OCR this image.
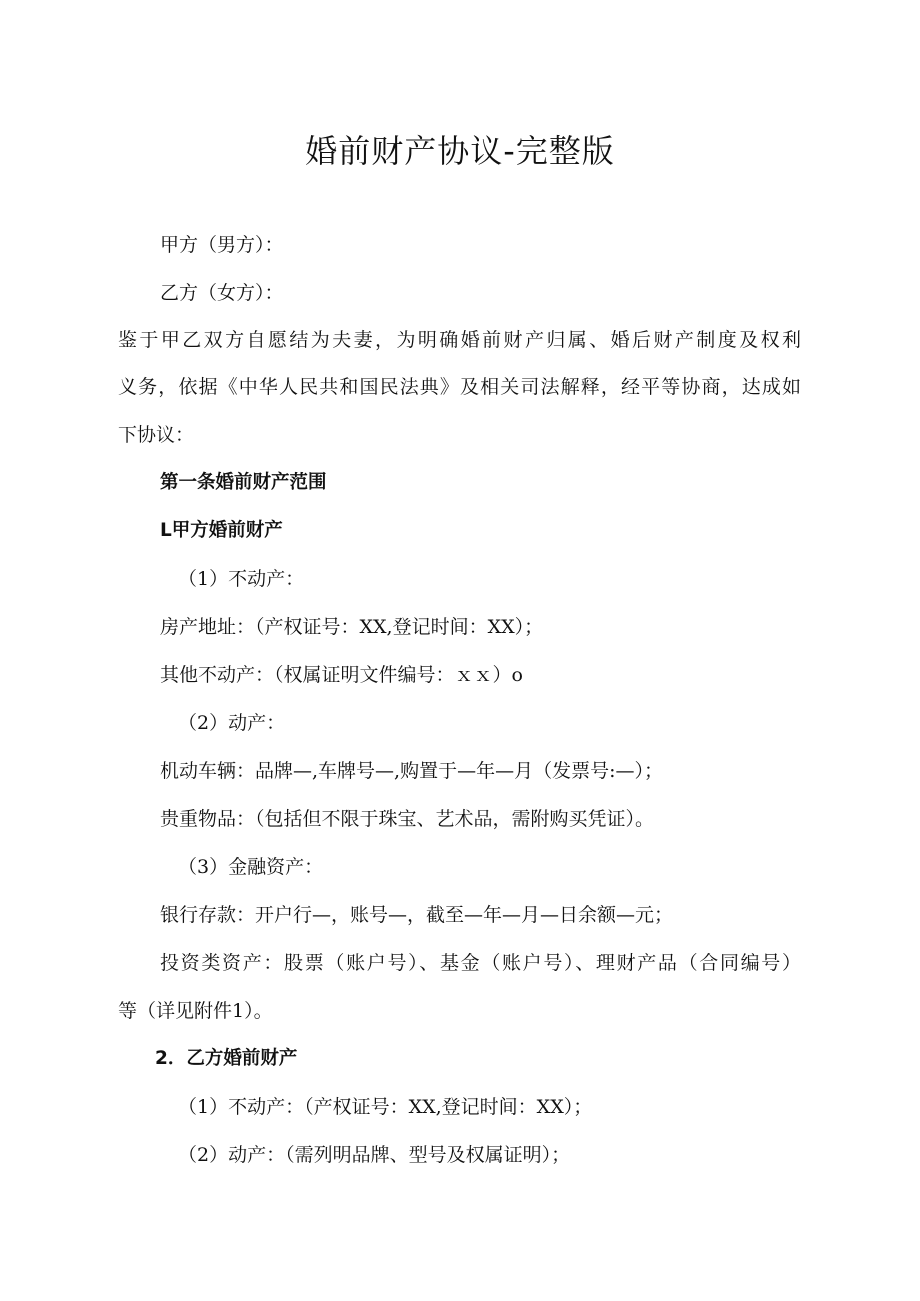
婚前财产协议-完整版
甲方（男方）：
乙方（女方）：
鉴于甲乙双方自愿结为夫妻，为明确婚前财产归属、婚后财产制度及权利
义务，依据《中华人民共和国民法典》及相关司法解释，经平等协商，达成如
下协议：
第一条婚前财产范围
L甲方婚前财产
（1）不动产：
房产地址：（产权证号：XX,登记时间：XX）；
其他不动产：（权属证明文件编号：ｘｘ）o
（2）动产：
机动车辆：品牌—,车牌号—,购置于—年—月（发票号:—）；
贵重物品：（包括但不限于珠宝、艺术品，需附购买凭证）。
（3）金融资产：
银行存款：开户行—，账号—，截至—年—月—日余额—元；
投资类资产：股票（账户号）、基金（账户号）、理财产品（合同编号）
等（详见附件1）。
2．乙方婚前财产
（1）不动产：（产权证号：XX,登记时间：XX）；
（2）动产：（需列明品牌、型号及权属证明）；
